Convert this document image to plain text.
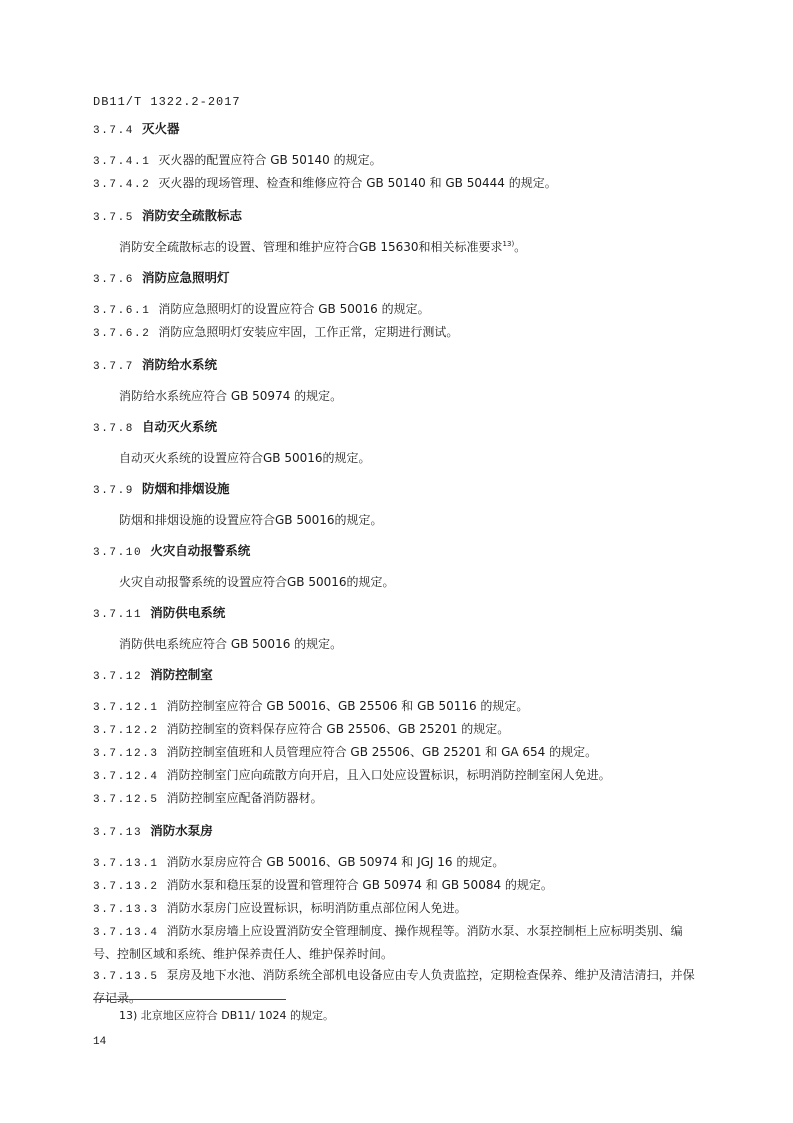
DB11/T 1322.2-2017
3.7.4 灭火器
3.7.4.1 灭火器的配置应符合 GB 50140 的规定。
3.7.4.2 灭火器的现场管理、检查和维修应符合 GB 50140 和 GB 50444 的规定。
3.7.5 消防安全疏散标志
消防安全疏散标志的设置、管理和维护应符合GB 15630和相关标准要求$^{13)}$。
3.7.6 消防应急照明灯
3.7.6.1 消防应急照明灯的设置应符合 GB 50016 的规定。
3.7.6.2 消防应急照明灯安装应牢固，工作正常，定期进行测试。
3.7.7 消防给水系统
消防给水系统应符合 GB 50974 的规定。
3.7.8 自动灭火系统
自动灭火系统的设置应符合GB 50016的规定。
3.7.9 防烟和排烟设施
防烟和排烟设施的设置应符合GB 50016的规定。
3.7.10 火灾自动报警系统
火灾自动报警系统的设置应符合GB 50016的规定。
3.7.11 消防供电系统
消防供电系统应符合 GB 50016 的规定。
3.7.12 消防控制室
3.7.12.1 消防控制室应符合 GB 50016、GB 25506 和 GB 50116 的规定。
3.7.12.2 消防控制室的资料保存应符合 GB 25506、GB 25201 的规定。
3.7.12.3 消防控制室值班和人员管理应符合 GB 25506、GB 25201 和 GA 654 的规定。
3.7.12.4 消防控制室门应向疏散方向开启，且入口处应设置标识，标明消防控制室闲人免进。
3.7.12.5 消防控制室应配备消防器材。
3.7.13 消防水泵房
3.7.13.1 消防水泵房应符合 GB 50016、GB 50974 和 JGJ 16 的规定。
3.7.13.2 消防水泵和稳压泵的设置和管理符合 GB 50974 和 GB 50084 的规定。
3.7.13.3 消防水泵房门应设置标识，标明消防重点部位闲人免进。
3.7.13.4 消防水泵房墙上应设置消防安全管理制度、操作规程等。消防水泵、水泵控制柜上应标明类别、编号、控制区域和系统、维护保养责任人、维护保养时间。
3.7.13.5 泵房及地下水池、消防系统全部机电设备应由专人负责监控，定期检查保养、维护及清洁清扫，并保存记录。
13) 北京地区应符合 DB11/ 1024 的规定。
14
